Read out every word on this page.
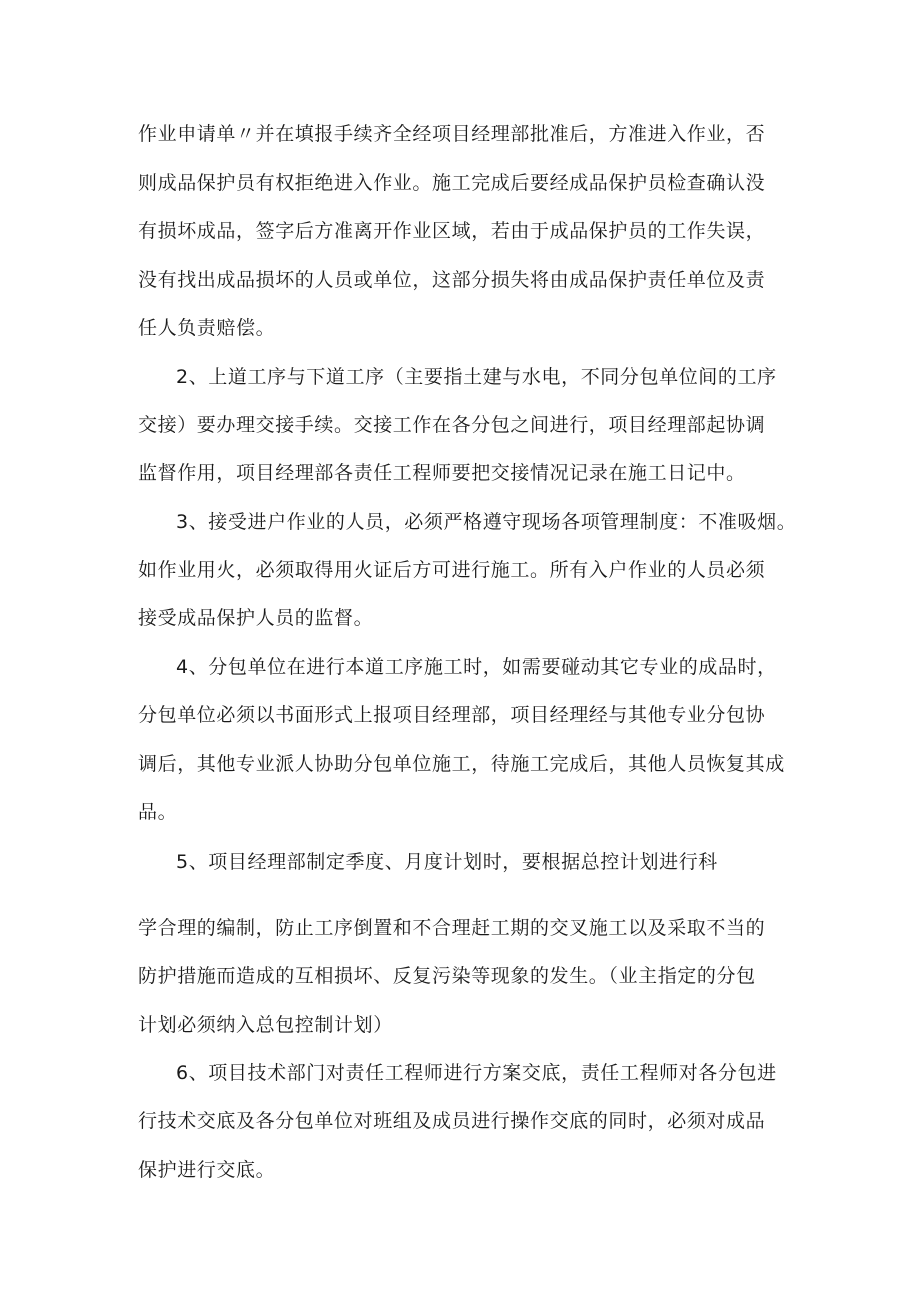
作业申请单〃并在填报手续齐全经项目经理部批准后，方准进入作业，否
则成品保护员有权拒绝进入作业。施工完成后要经成品保护员检查确认没
有损坏成品，签字后方准离开作业区域，若由于成品保护员的工作失误，
没有找出成品损坏的人员或单位，这部分损失将由成品保护责任单位及责
任人负责赔偿。
2、上道工序与下道工序（主要指土建与水电，不同分包单位间的工序
交接）要办理交接手续。交接工作在各分包之间进行，项目经理部起协调
监督作用，项目经理部各责任工程师要把交接情况记录在施工日记中。
3、接受进户作业的人员，必须严格遵守现场各项管理制度：不准吸烟。
如作业用火，必须取得用火证后方可进行施工。所有入户作业的人员必须
接受成品保护人员的监督。
4、分包单位在进行本道工序施工时，如需要碰动其它专业的成品时，
分包单位必须以书面形式上报项目经理部，项目经理经与其他专业分包协
调后，其他专业派人协助分包单位施工，待施工完成后，其他人员恢复其成
品。
5、项目经理部制定季度、月度计划时，要根据总控计划进行科
学合理的编制，防止工序倒置和不合理赶工期的交叉施工以及采取不当的
防护措施而造成的互相损坏、反复污染等现象的发生。（业主指定的分包
计划必须纳入总包控制计划）
6、项目技术部门对责任工程师进行方案交底，责任工程师对各分包进
行技术交底及各分包单位对班组及成员进行操作交底的同时，必须对成品
保护进行交底。
